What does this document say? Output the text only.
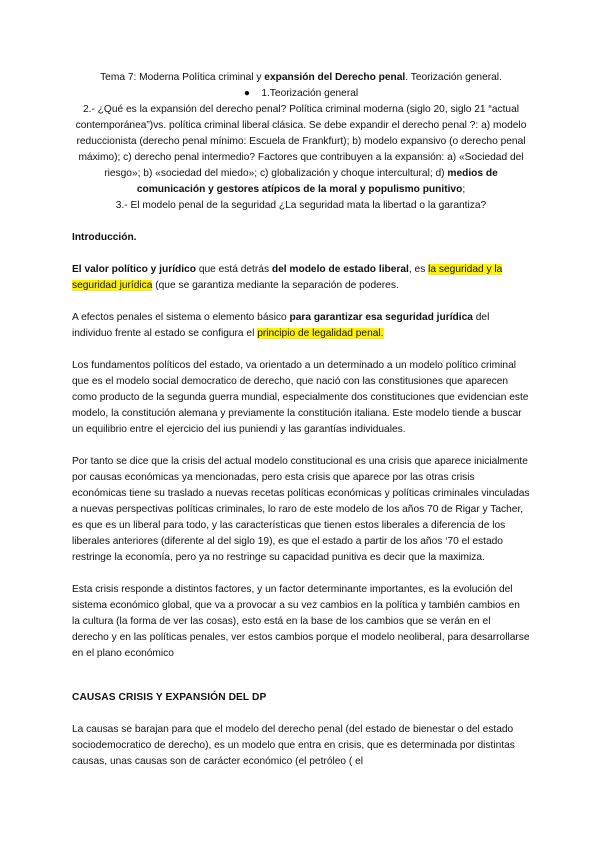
Tema 7: Moderna Política criminal y expansión del Derecho penal. Teorización general.

● 1.Teorización general

2.- ¿Qué es la expansión del derecho penal? Política criminal moderna (siglo 20, siglo 21 “actual contemporánea”)vs. política criminal liberal clásica. Se debe expandir el derecho penal ?: a) modelo reduccionista (derecho penal mínimo: Escuela de Frankfurt); b) modelo expansivo (o derecho penal máximo); c) derecho penal intermedio? Factores que contribuyen a la expansión: a) «Sociedad del riesgo»; b) «sociedad del miedo»; c) globalización y choque intercultural; d) medios de comunicación y gestores atípicos de la moral y populismo punitivo;

3.- El modelo penal de la seguridad ¿La seguridad mata la libertad o la garantiza?

Introducción.

El valor político y jurídico que está detrás del modelo de estado liberal, es la seguridad y la seguridad jurídica (que se garantiza mediante la separación de poderes.

A efectos penales el sistema o elemento básico para garantizar esa seguridad jurídica del individuo frente al estado se configura el principio de legalidad penal.

Los fundamentos políticos del estado, va orientado a un determinado a un modelo político criminal que es el modelo social democratico de derecho, que nació con las constitusiones que aparecen como producto de la segunda guerra mundial, especialmente dos constituciones que evidencian este modelo, la constitución alemana y previamente la constitución italiana. Este modelo tiende a buscar un equilibrio entre el ejercicio del ius puniendi y las garantías individuales.

Por tanto se dice que la crisis del actual modelo constitucional es una crisis que aparece inicialmente por causas económicas ya mencionadas, pero esta crisis que aparece por las otras crisis económicas tiene su traslado a nuevas recetas políticas económicas y políticas criminales vinculadas a nuevas perspectivas políticas criminales, lo raro de este modelo de los años 70 de Rigar y Tacher, es que es un liberal para todo, y las características que tienen estos liberales a diferencia de los liberales anteriores (diferente al del siglo 19), es que el estado a partir de los años ‘70 el estado restringe la economía, pero ya no restringe su capacidad punitiva es decir que la maximiza.

Esta crisis responde a distintos factores, y un factor determinante importantes, es la evolución del sistema económico global, que va a provocar a su vez cambios en la política y también cambios en la cultura (la forma de ver las cosas), esto está en la base de los cambios que se verán en el derecho y en las políticas penales, ver estos cambios porque el modelo neoliberal, para desarrollarse en el plano económico

CAUSAS CRISIS Y EXPANSIÓN DEL DP

La causas se barajan para que el modelo del derecho penal (del estado de bienestar o del estado sociodemocratico de derecho), es un modelo que entra en crisis, que es determinada por distintas causas, unas causas son de carácter económico (el petróleo ( el
